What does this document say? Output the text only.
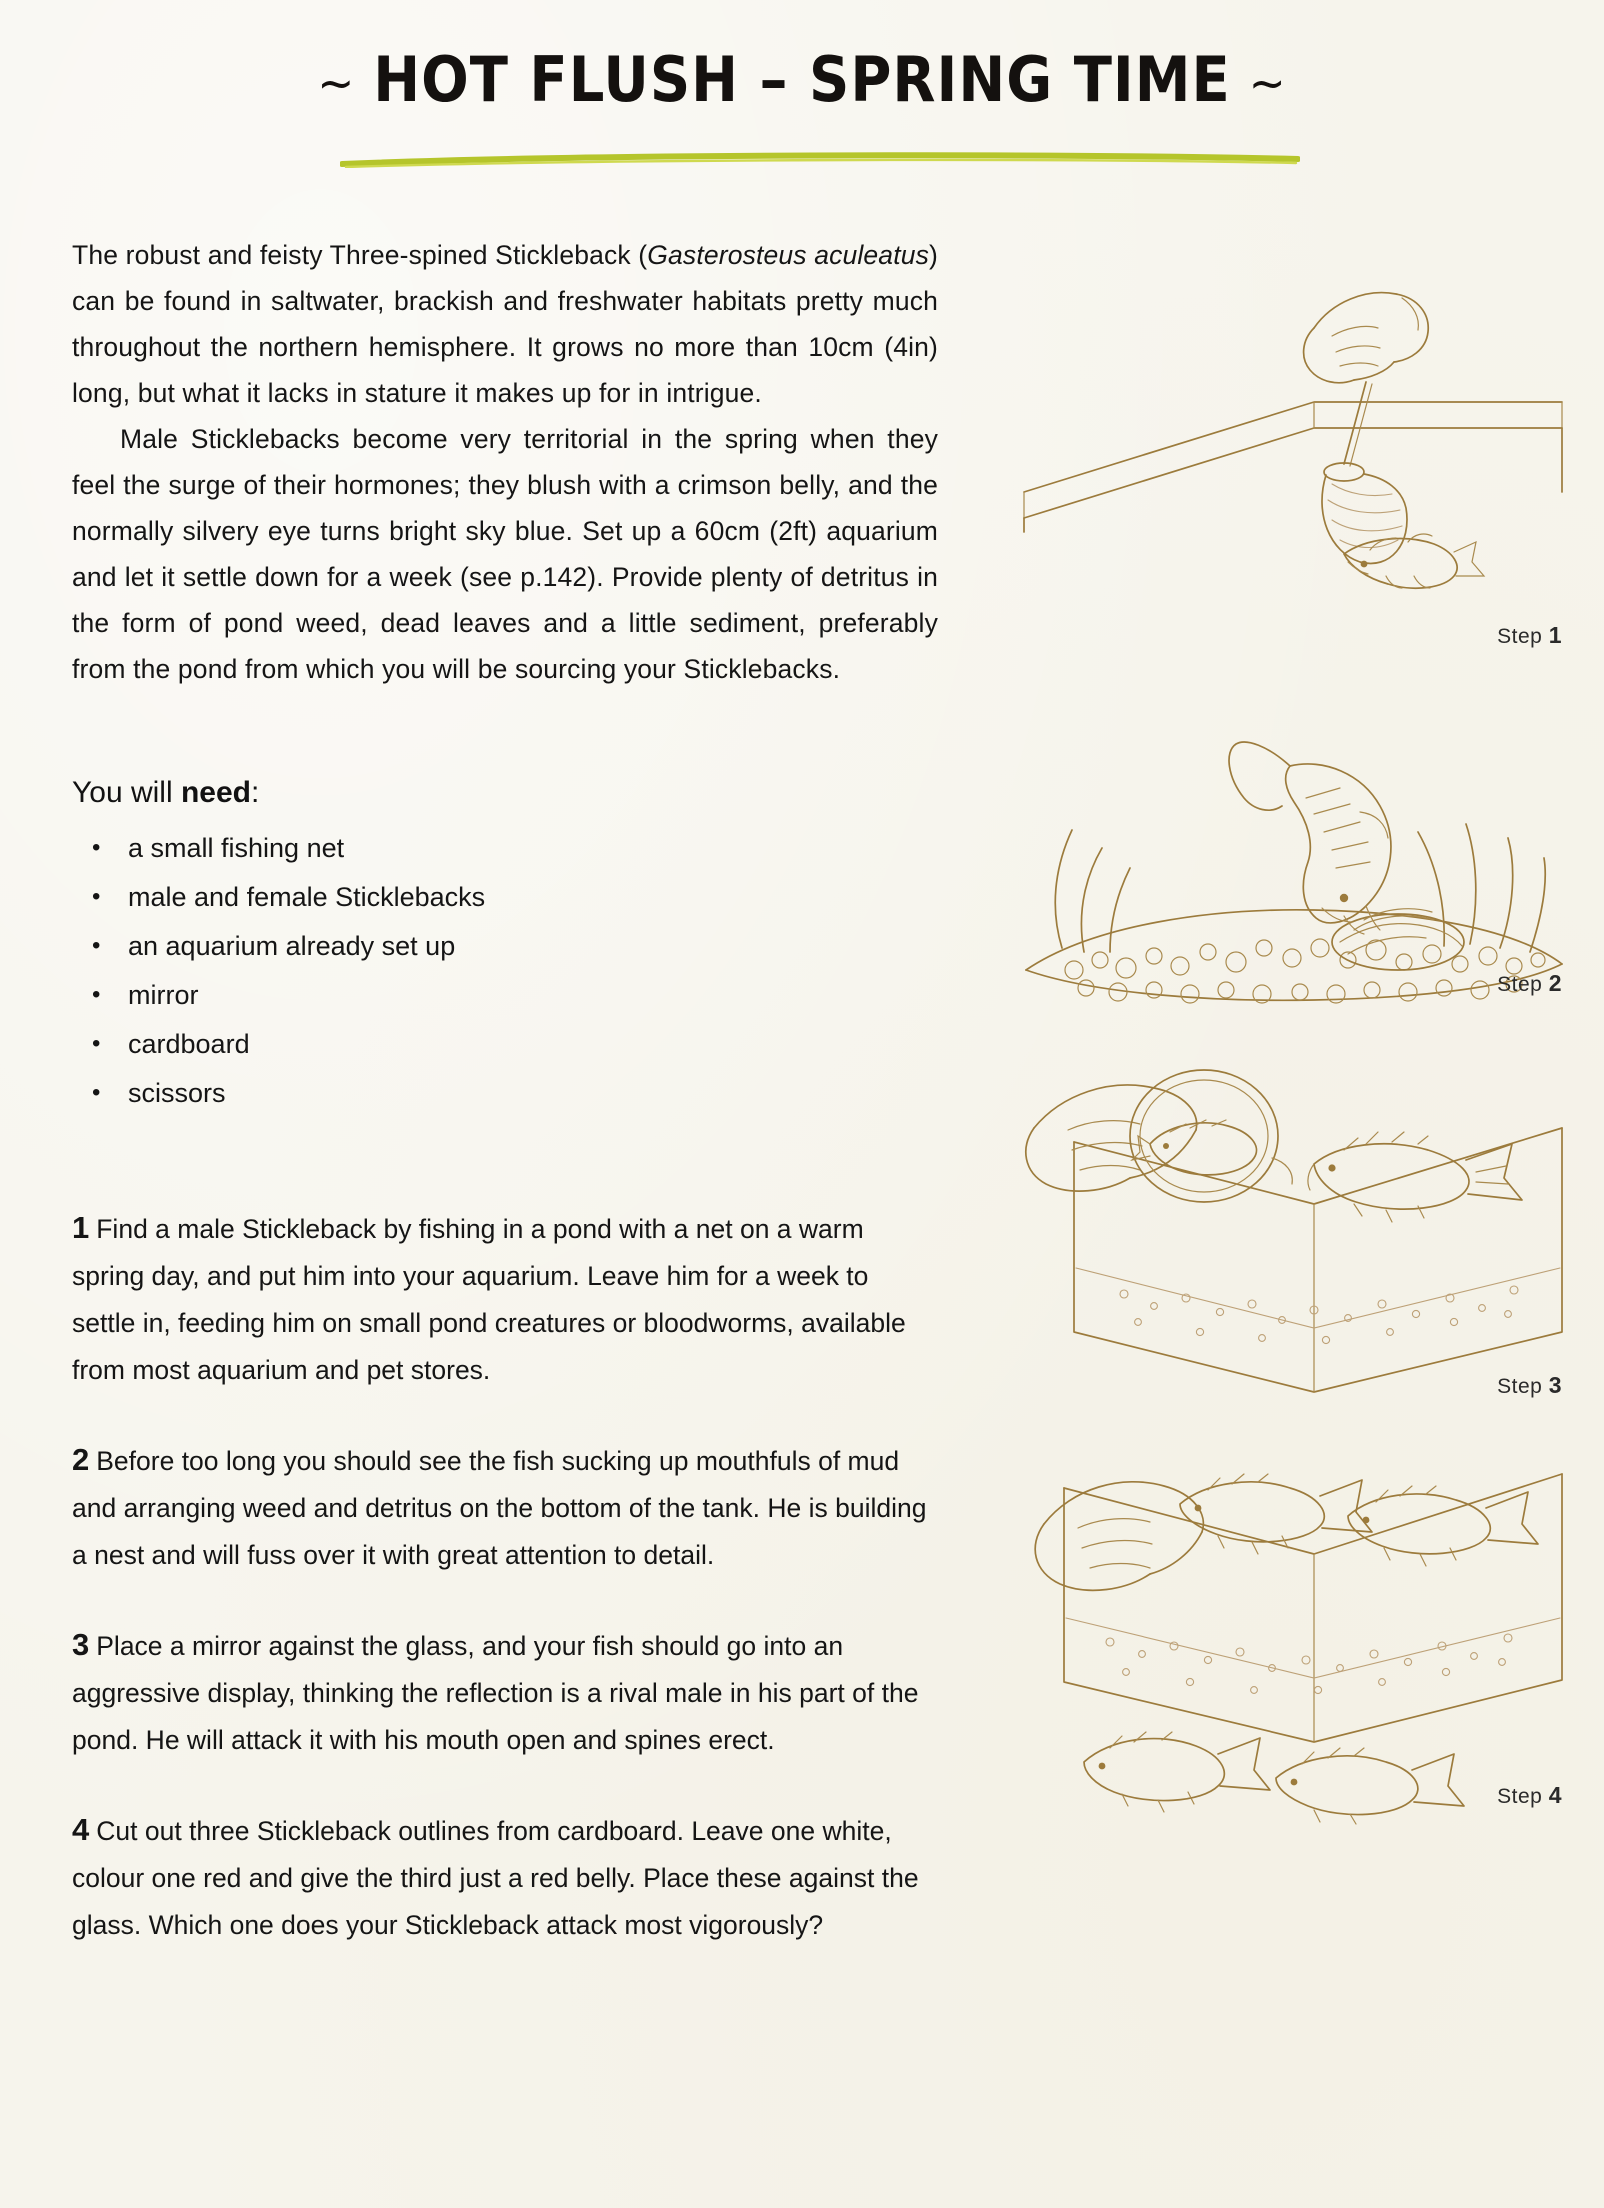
~ HOT FLUSH – SPRING TIME ~

The robust and feisty Three-spined Stickleback (Gasterosteus aculeatus) can be found in saltwater, brackish and freshwater habitats pretty much throughout the northern hemisphere. It grows no more than 10cm (4in) long, but what it lacks in stature it makes up for in intrigue.

Male Sticklebacks become very territorial in the spring when they feel the surge of their hormones; they blush with a crimson belly, and the normally silvery eye turns bright sky blue. Set up a 60cm (2ft) aquarium and let it settle down for a week (see p.142). Provide plenty of detritus in the form of pond weed, dead leaves and a little sediment, preferably from the pond from which you will be sourcing your Sticklebacks.

You will need:
• a small fishing net
• male and female Sticklebacks
• an aquarium already set up
• mirror
• cardboard
• scissors

1 Find a male Stickleback by fishing in a pond with a net on a warm spring day, and put him into your aquarium. Leave him for a week to settle in, feeding him on small pond creatures or bloodworms, available from most aquarium and pet stores.

2 Before too long you should see the fish sucking up mouthfuls of mud and arranging weed and detritus on the bottom of the tank. He is building a nest and will fuss over it with great attention to detail.

3 Place a mirror against the glass, and your fish should go into an aggressive display, thinking the reflection is a rival male in his part of the pond. He will attack it with his mouth open and spines erect.

4 Cut out three Stickleback outlines from cardboard. Leave one white, colour one red and give the third just a red belly. Place these against the glass. Which one does your Stickleback attack most vigorously?

Step 1
Step 2
Step 3
Step 4
